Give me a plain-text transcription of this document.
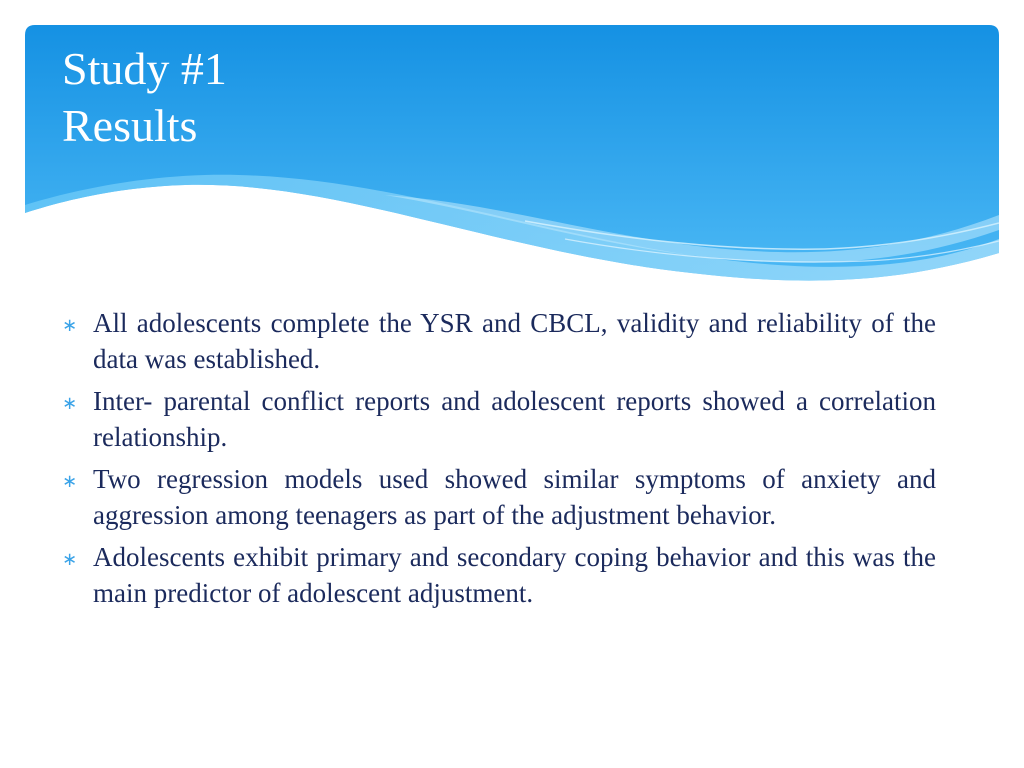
Study #1
Results
∗ All adolescents complete the YSR and CBCL, validity and reliability of the data was established.
∗ Inter- parental conflict reports and adolescent reports showed a correlation relationship.
∗ Two regression models used showed similar symptoms of anxiety and aggression among teenagers as part of the adjustment behavior.
∗ Adolescents exhibit primary and secondary coping behavior and this was the main predictor of adolescent adjustment.
